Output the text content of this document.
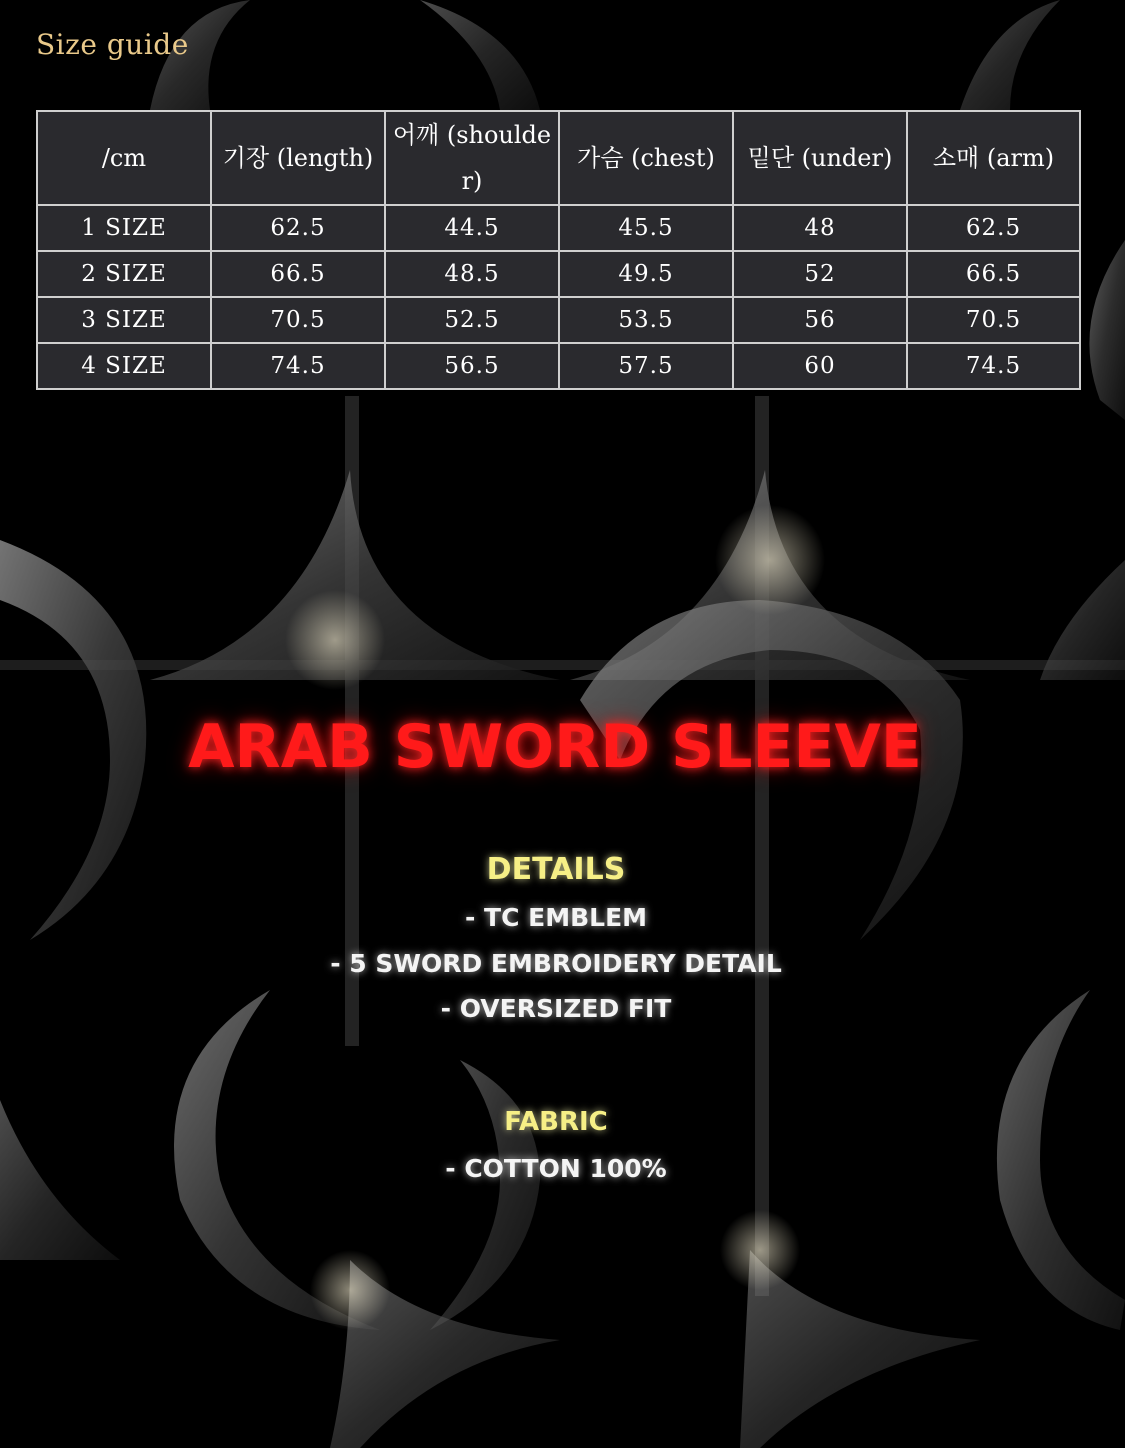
Size guide
/cm	기장 (length)	어깨 (shoulder)	가슴 (chest)	밑단 (under)	소매 (arm)
1 SIZE	62.5	44.5	45.5	48	62.5
2 SIZE	66.5	48.5	49.5	52	66.5
3 SIZE	70.5	52.5	53.5	56	70.5
4 SIZE	74.5	56.5	57.5	60	74.5
ARAB SWORD SLEEVE
DETAILS
- TC EMBLEM
- 5 SWORD EMBROIDERY DETAIL
- OVERSIZED FIT
FABRIC
- COTTON 100%
